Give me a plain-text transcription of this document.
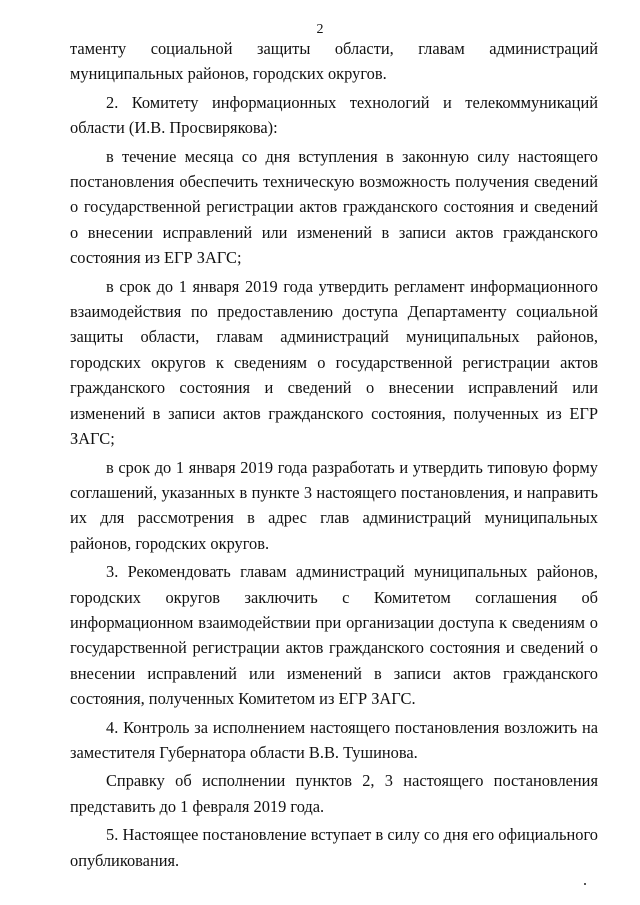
2

таменту социальной защиты области, главам администраций муниципальных районов, городских округов.

2. Комитету информационных технологий и телекоммуникаций области (И.В. Просвирякова):

в течение месяца со дня вступления в законную силу настоящего постановления обеспечить техническую возможность получения сведений о государственной регистрации актов гражданского состояния и сведений о внесении исправлений или изменений в записи актов гражданского состояния из ЕГР ЗАГС;

в срок до 1 января 2019 года утвердить регламент информационного взаимодействия по предоставлению доступа Департаменту социальной защиты области, главам администраций муниципальных районов, городских округов к сведениям о государственной регистрации актов гражданского состояния и сведений о внесении исправлений или изменений в записи актов гражданского состояния, полученных из ЕГР ЗАГС;

в срок до 1 января 2019 года разработать и утвердить типовую форму соглашений, указанных в пункте 3 настоящего постановления, и направить их для рассмотрения в адрес глав администраций муниципальных районов, городских округов.

3. Рекомендовать главам администраций муниципальных районов, городских округов заключить с Комитетом соглашения об информационном взаимодействии при организации доступа к сведениям о государственной регистрации актов гражданского состояния и сведений о внесении исправлений или изменений в записи актов гражданского состояния, полученных Комитетом из ЕГР ЗАГС.

4. Контроль за исполнением настоящего постановления возложить на заместителя Губернатора области В.В. Тушинова.

Справку об исполнении пунктов 2, 3 настоящего постановления представить до 1 февраля 2019 года.

5. Настоящее постановление вступает в силу со дня его официального опубликования.
